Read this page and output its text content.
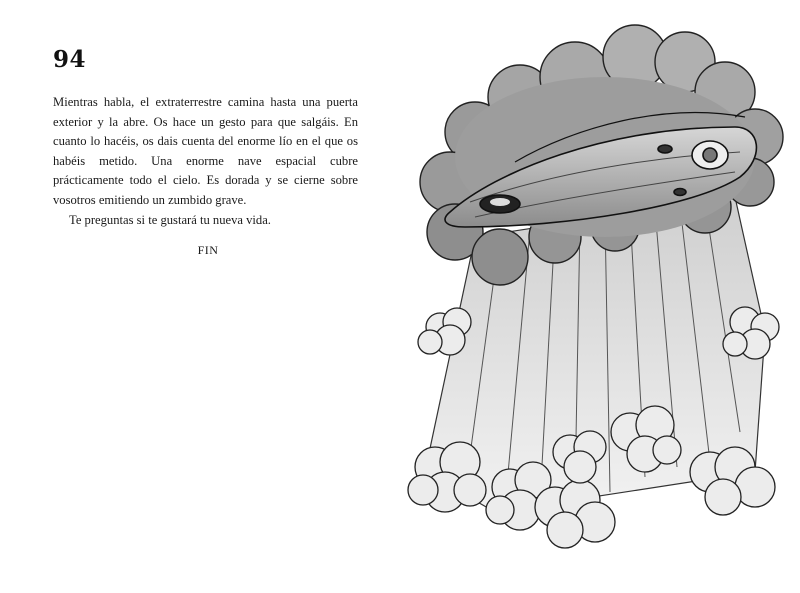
94

Mientras habla, el extraterrestre camina hasta una puerta exterior y la abre. Os hace un gesto para que salgáis. En cuanto lo hacéis, os dais cuenta del enorme lío en el que os habéis metido. Una enorme nave espacial cubre prácticamente todo el cielo. Es dorada y se cierne sobre vosotros emitiendo un zumbido grave.

Te preguntas si te gustará tu nueva vida.

FIN
